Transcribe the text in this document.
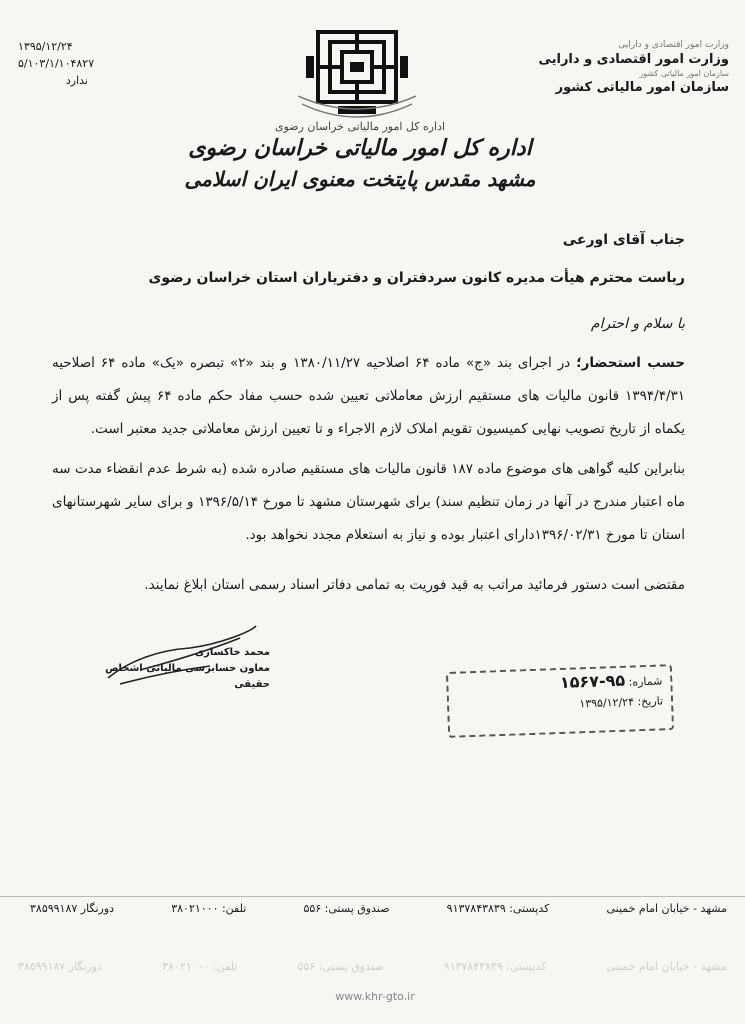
۱۳۹۵/۱۲/۲۴
۵/۱۰۳/۱/۱۰۴۸۲۷
ندارد
وزارت امور اقتصادی و دارایی
وزارت امور اقتصادی و دارایی
سازمان امور مالیاتی کشور
سازمان امور مالیاتی کشور
اداره کل امور مالیاتی خراسان رضوی
اداره کل امور مالیاتی خراسان رضوی
مشهد مقدس پایتخت معنوی ایران اسلامی
جناب آقای اورعی
ریاست محترم هیأت مدیره کانون سردفتران و دفتریاران استان خراسان رضوی
با سلام و احترام
حسب استحضار؛ در اجرای بند «ج» ماده ۶۴ اصلاحیه ۱۳۸۰/۱۱/۲۷ و بند «۲» تبصره «یک» ماده ۶۴ اصلاحیه ۱۳۹۴/۴/۳۱ قانون مالیات های مستقیم ارزش معاملاتی تعیین شده حسب مفاد حکم ماده ۶۴ پیش گفته پس از یکماه از تاریخ تصویب نهایی کمیسیون تقویم املاک لازم الاجراء و تا تعیین ارزش معاملاتی جدید معتبر است.
بنابراین کلیه گواهی های موضوع ماده ۱۸۷ قانون مالیات های مستقیم صادره شده (به شرط عدم انقضاء مدت سه ماه اعتبار مندرج در آنها در زمان تنظیم سند) برای شهرستان مشهد تا مورخ ۱۳۹۶/۵/۱۴ و برای سایر شهرستانهای استان تا مورخ ۱۳۹۶/۰۲/۳۱دارای اعتبار بوده و نیاز به استعلام مجدد نخواهد بود.
مقتضی است دستور فرمائید مراتب به قید فوریت به تمامی دفاتر اسناد رسمی استان ابلاغ نمایند.
محمد خاکساری
معاون حسابرسی مالیاتی اشخاص حقیقی	شماره: ۹۵-۱۵۶۷
تاریخ: ۱۳۹۵/۱۲/۲۴
مشهد - خیابان امام خمینی
کدپستی: ۹۱۳۷۸۴۳۸۳۹
صندوق پستی: ۵۵۶
تلفن: ۳۸۰۲۱۰۰۰
دورنگار ۳۸۵۹۹۱۸۷
مشهد - خیابان امام خمینی
کدپستی: ۹۱۳۷۸۴۳۸۳۹
صندوق پستی: ۵۵۶
تلفن: ۳۸۰۲۱۰۰۰
دورنگار ۳۸۵۹۹۱۸۷
www.khr-gto.ir
